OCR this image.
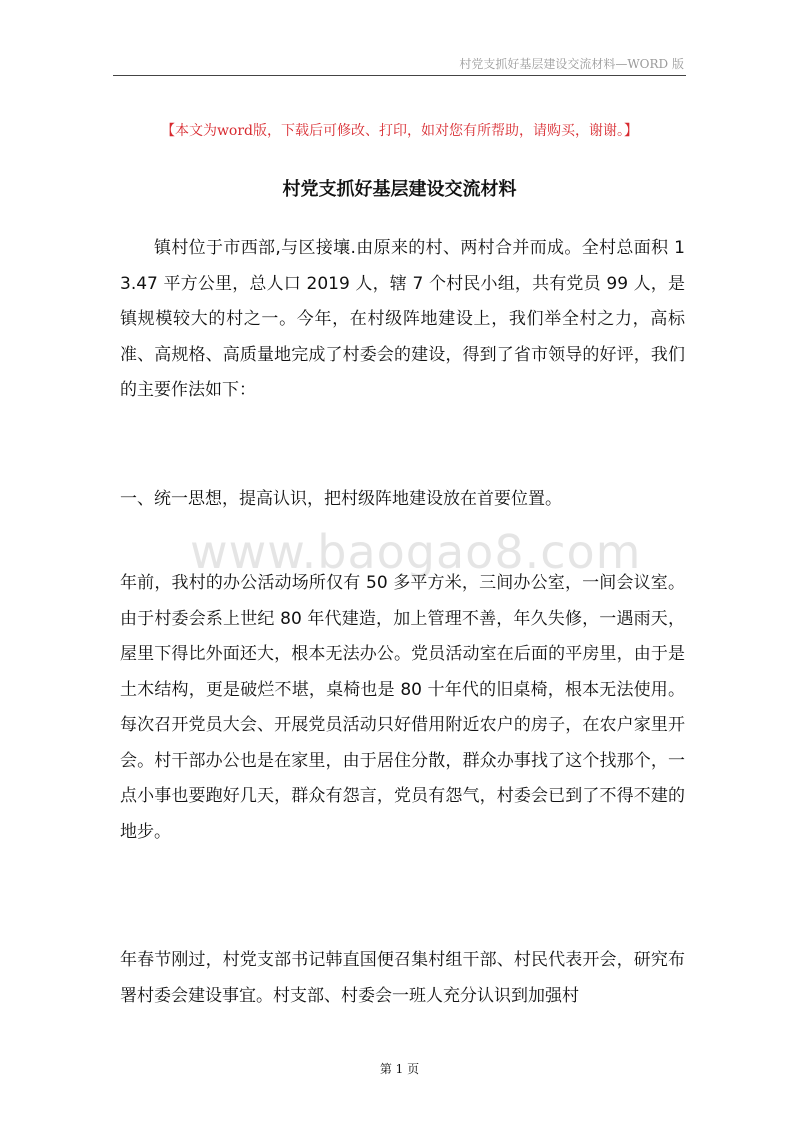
村党支抓好基层建设交流材料—WORD 版
【本文为word版，下载后可修改、打印，如对您有所帮助，请购买，谢谢。】
村党支抓好基层建设交流材料

镇村位于市西部,与区接壤.由原来的村、两村合并而成。全村总面积 13.47 平方公里，总人口 2019 人，辖 7 个村民小组，共有党员 99 人，是镇规模较大的村之一。今年，在村级阵地建设上，我们举全村之力，高标准、高规格、高质量地完成了村委会的建设，得到了省市领导的好评，我们的主要作法如下：

一、统一思想，提高认识，把村级阵地建设放在首要位置。

www.baogao8.com

年前，我村的办公活动场所仅有 50 多平方米，三间办公室，一间会议室。由于村委会系上世纪 80 年代建造，加上管理不善，年久失修，一遇雨天，屋里下得比外面还大，根本无法办公。党员活动室在后面的平房里，由于是土木结构，更是破烂不堪，桌椅也是 80 十年代的旧桌椅，根本无法使用。每次召开党员大会、开展党员活动只好借用附近农户的房子，在农户家里开会。村干部办公也是在家里，由于居住分散，群众办事找了这个找那个，一点小事也要跑好几天，群众有怨言，党员有怨气，村委会已到了不得不建的地步。

年春节刚过，村党支部书记韩直国便召集村组干部、村民代表开会，研究布署村委会建设事宜。村支部、村委会一班人充分认识到加强村

第 1 页
